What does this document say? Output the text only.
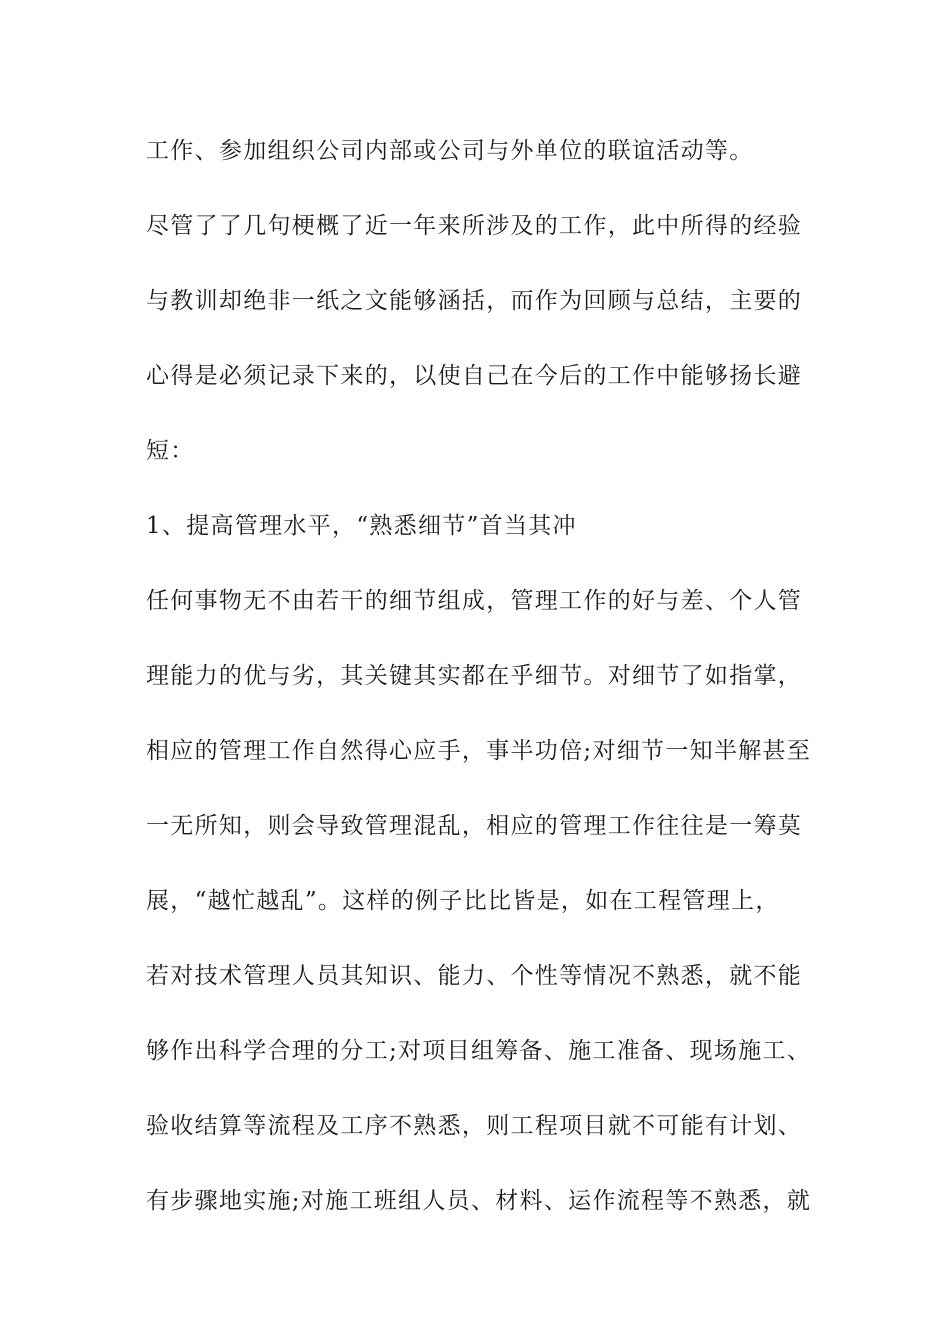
工作、参加组织公司内部或公司与外单位的联谊活动等。
尽管了了几句梗概了近一年来所涉及的工作，此中所得的经验
与教训却绝非一纸之文能够涵括，而作为回顾与总结，主要的
心得是必须记录下来的，以使自己在今后的工作中能够扬长避
短：
1、提高管理水平，“熟悉细节”首当其冲
任何事物无不由若干的细节组成，管理工作的好与差、个人管
理能力的优与劣，其关键其实都在乎细节。对细节了如指掌，
相应的管理工作自然得心应手，事半功倍;对细节一知半解甚至
一无所知，则会导致管理混乱，相应的管理工作往往是一筹莫
展，“越忙越乱”。这样的例子比比皆是，如在工程管理上，
若对技术管理人员其知识、能力、个性等情况不熟悉，就不能
够作出科学合理的分工;对项目组筹备、施工准备、现场施工、
验收结算等流程及工序不熟悉，则工程项目就不可能有计划、
有步骤地实施;对施工班组人员、材料、运作流程等不熟悉，就
